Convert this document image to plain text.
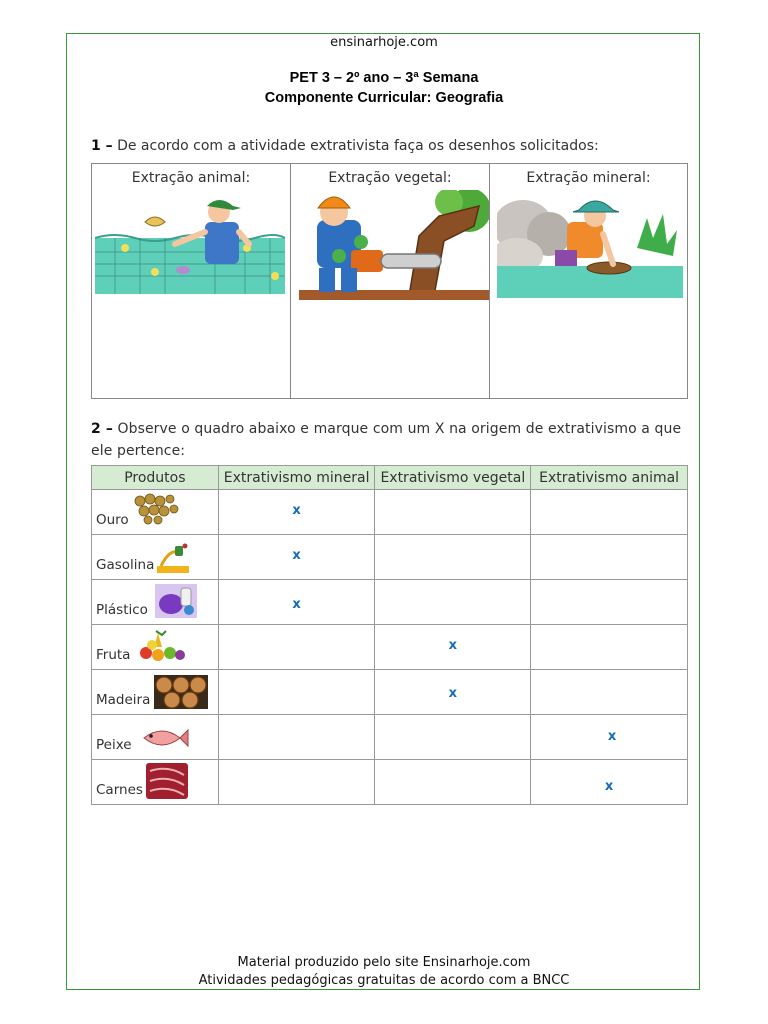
ensinarhoje.com
PET 3 – 2º ano – 3ª Semana
Componente Curricular: Geografia
1 – De acordo com a atividade extrativista faça os desenhos solicitados:
Extração animal:	Extração vegetal:	Extração mineral:
2 – Observe o quadro abaixo e marque com um X na origem de extrativismo a que ele pertence:
Produtos	Extrativismo mineral	Extrativismo vegetal	Extrativismo animal

Ouro	x		

Gasolina	x		

Plástico	x		

Fruta		x	

Madeira		x	

Peixe			x

Carnes			x
Material produzido pelo site Ensinarhoje.com
Atividades pedagógicas gratuitas de acordo com a BNCC
